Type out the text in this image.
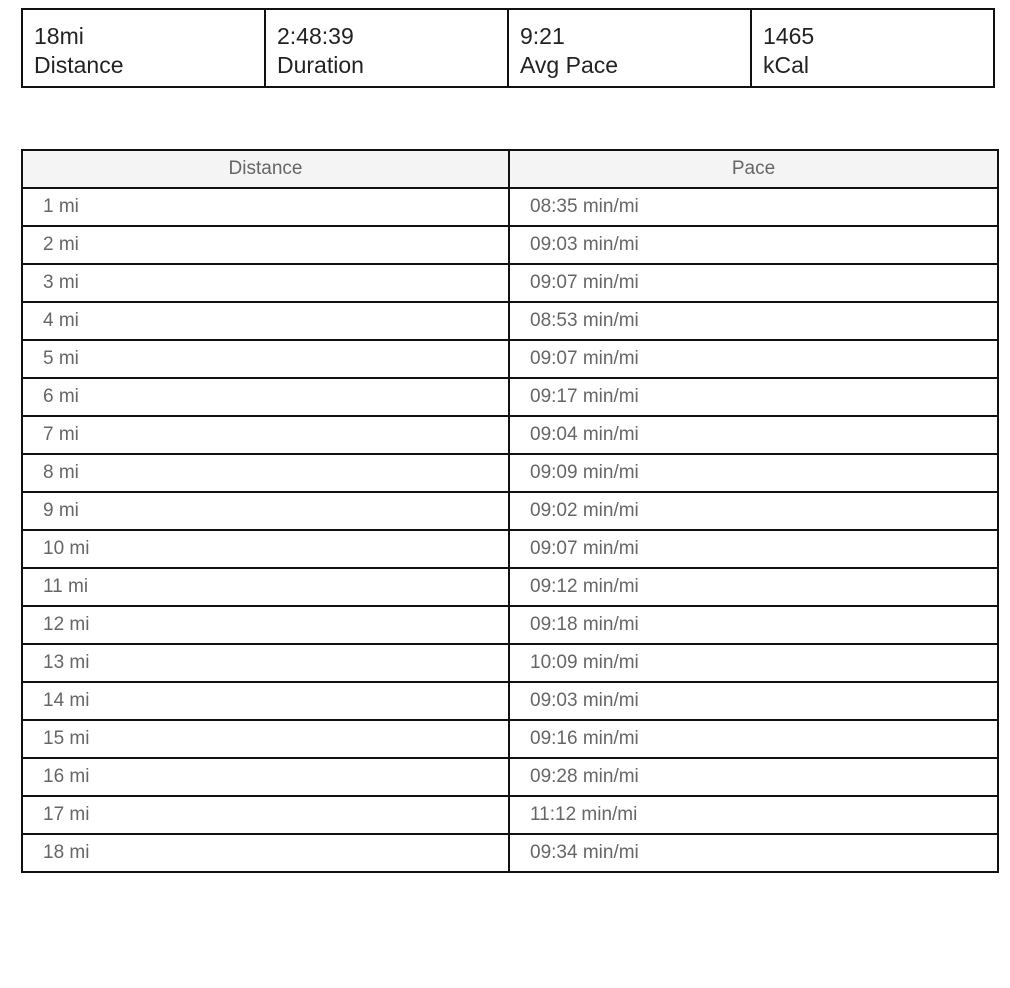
18mi
Distance
2:48:39
Duration
9:21
Avg Pace
1465
kCal
Distance	Pace
1 mi	08:35 min/mi
2 mi	09:03 min/mi
3 mi	09:07 min/mi
4 mi	08:53 min/mi
5 mi	09:07 min/mi
6 mi	09:17 min/mi
7 mi	09:04 min/mi
8 mi	09:09 min/mi
9 mi	09:02 min/mi
10 mi	09:07 min/mi
11 mi	09:12 min/mi
12 mi	09:18 min/mi
13 mi	10:09 min/mi
14 mi	09:03 min/mi
15 mi	09:16 min/mi
16 mi	09:28 min/mi
17 mi	11:12 min/mi
18 mi	09:34 min/mi
